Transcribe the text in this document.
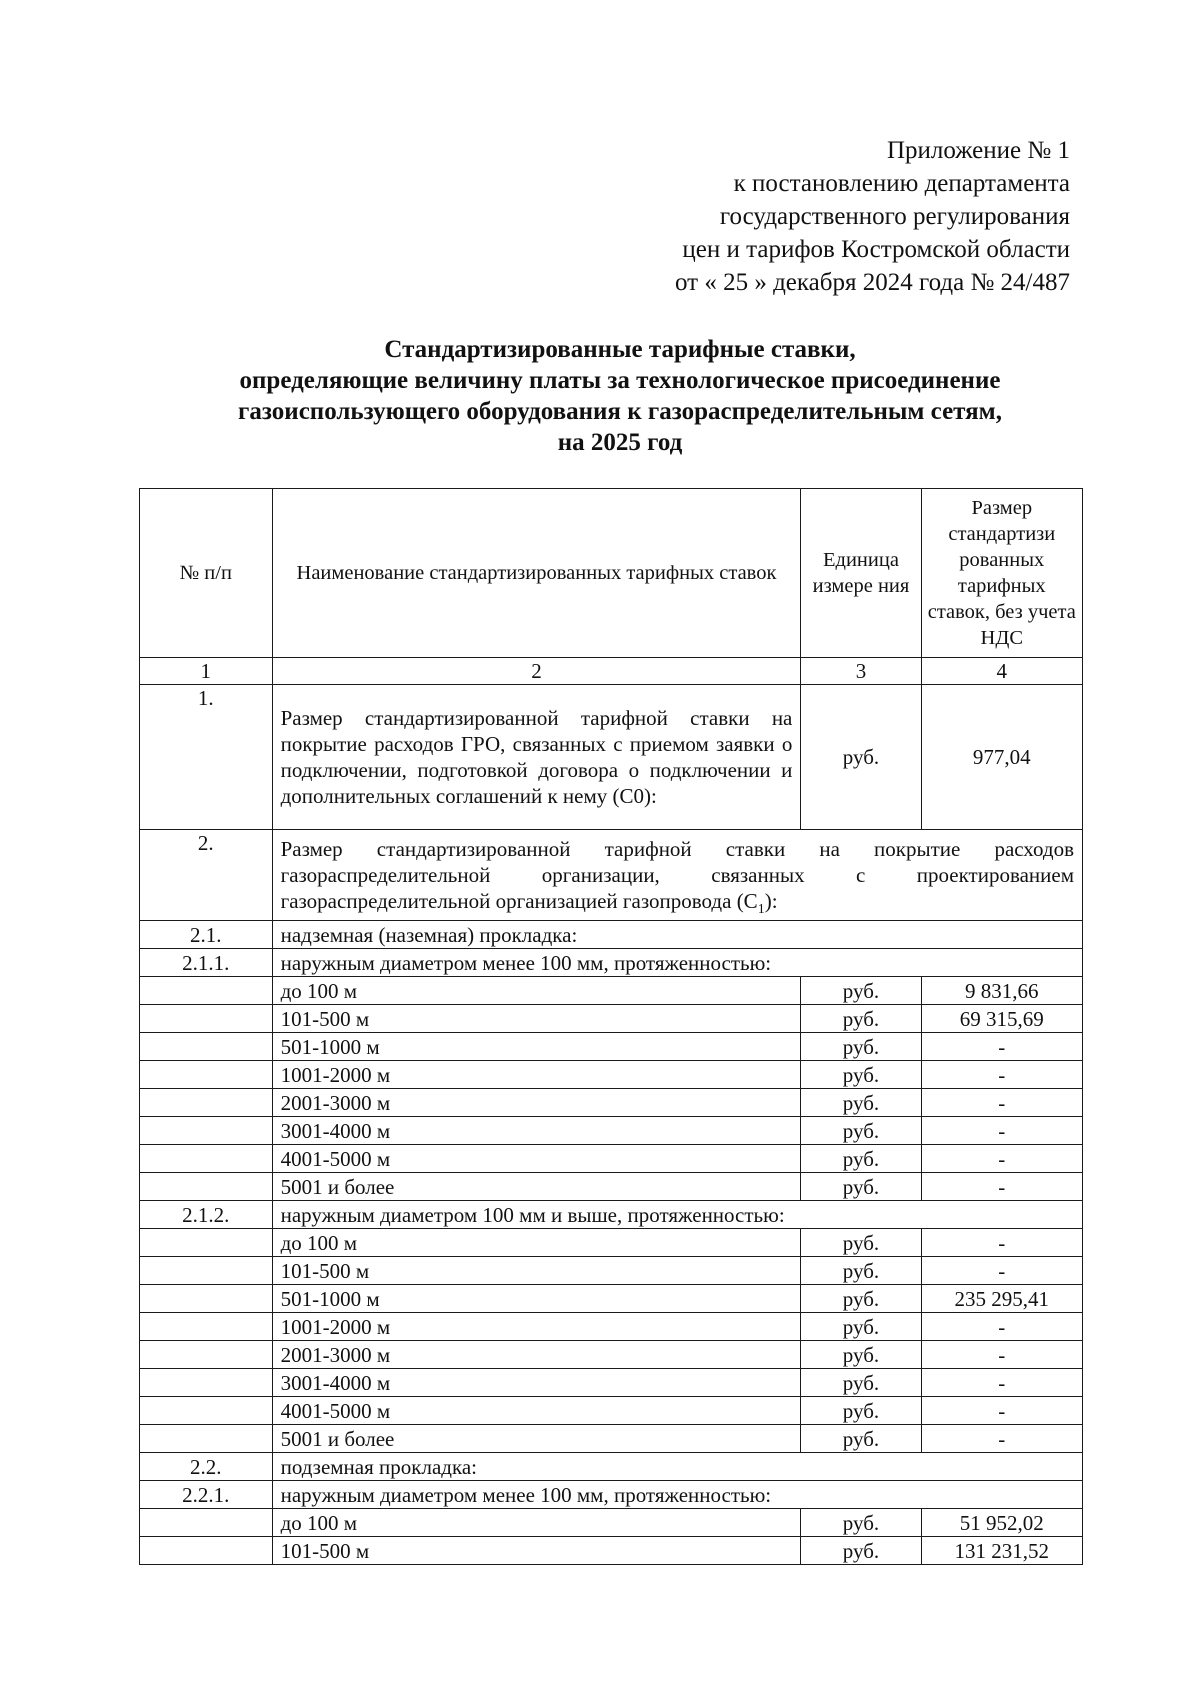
Приложение № 1
к постановлению департамента
государственного регулирования
цен и тарифов Костромской области
от « 25 » декабря 2024 года № 24/487
Стандартизированные тарифные ставки,
определяющие величину платы за технологическое присоединение
газоиспользующего оборудования к газораспределительным сетям,
на 2025 год
№ п/п	Наименование стандартизированных тарифных ставок	Единица измере ния	Размер стандартизи рованных тарифных ставок, без учета НДС
1	2	3	4
1.	Размер стандартизированной тарифной ставки на покрытие расходов ГРО, связанных с приемом заявки о подключении, подготовкой договора о подключении и дополнительных соглашений к нему (С0):	руб.	977,04
2.	Размер стандартизированной тарифной ставки на покрытие расходов газораспределительной организации, связанных с проектированием газораспределительной организацией газопровода $(С_1)$:		
2.1.	надземная (наземная) прокладка:		
2.1.1.	наружным диаметром менее 100 мм, протяженностью:		
	до 100 м	руб.	9 831,66
	101-500 м	руб.	69 315,69
	501-1000 м	руб.	-
	1001-2000 м	руб.	-
	2001-3000 м	руб.	-
	3001-4000 м	руб.	-
	4001-5000 м	руб.	-
	5001 и более	руб.	-
2.1.2.	наружным диаметром 100 мм и выше, протяженностью:		
	до 100 м	руб.	-
	101-500 м	руб.	-
	501-1000 м	руб.	235 295,41
	1001-2000 м	руб.	-
	2001-3000 м	руб.	-
	3001-4000 м	руб.	-
	4001-5000 м	руб.	-
	5001 и более	руб.	-
2.2.	подземная прокладка:		
2.2.1.	наружным диаметром менее 100 мм, протяженностью:		
	до 100 м	руб.	51 952,02
	101-500 м	руб.	131 231,52
